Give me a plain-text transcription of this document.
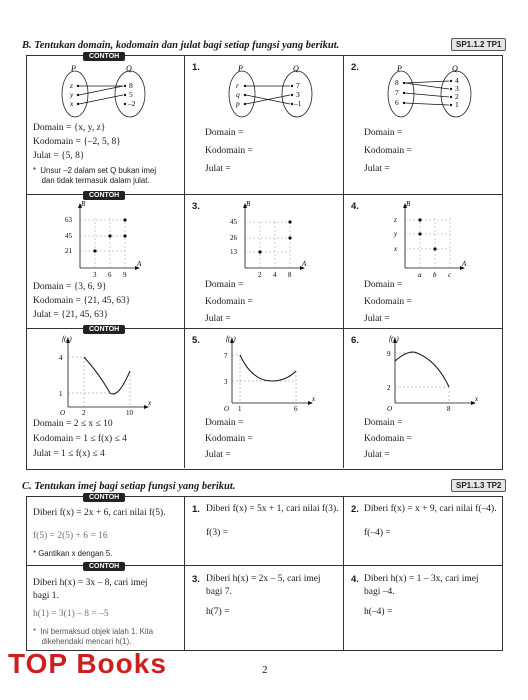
B. Tentukan domain, kodomain dan julat bagi setiap fungsi yang berikut.	SP1.1.2 TP1
CONTOH
CONTOH
CONTOH
P	Q
z
y
x
8
5
–2
Domain = {x, y, z}
Kodomain = {–2, 5, 8}
Julat = {5, 8}
*  Unsur –2 dalam set Q bukan imej
dan tidak termasuk dalam julat.
1.	P	Q
r
q
p
7
3
–1
Domain =
Kodomain =
Julat =
2.	P	Q
8
7
6
4
3
2
1
Domain =
Kodomain =
Julat =
B
A
63
45
21
3 6 9
Domain = {3, 6, 9}
Kodomain = {21, 45, 63}
Julat = {21, 45, 63}
3.	B
A
45
26
13
2 4 8
Domain =
Kodomain =
Julat =
4.	B
A
z
y
x
a b c
Domain =
Kodomain =
Julat =
f(x)
x
O
4
1
2	10
Domain = 2 ≤ x ≤ 10
Kodomain = 1 ≤ f(x) ≤ 4
Julat = 1 ≤ f(x) ≤ 4
5.	f(x)
x
O
7
3
1	6
Domain =
Kodomain =
Julat =
6.	f(x)
x
O
9
2
8
Domain =
Kodomain =
Julat =
C. Tentukan imej bagi setiap fungsi yang berikut.	SP1.1.3 TP2
CONTOH
CONTOH
Diberi f(x) = 2x + 6, cari nilai f(5).
f(5) = 2(5) + 6 = 16
* Gantikan x dengan 5.
1. Diberi f(x) = 5x + 1, cari nilai f(3).
f(3) =
2. Diberi f(x) = x + 9, cari nilai f(–4).
f(–4) =
Diberi h(x) = 3x – 8, cari imej
bagi 1.
h(1) = 3(1) – 8 = –5
*  Ini bermaksud objek ialah 1. Kita
dikehendaki mencari h(1).
3. Diberi h(x) = 2x – 5, cari imej
bagi 7.
h(7) =
4. Diberi h(x) = 1 – 3x, cari imej
bagi –4.
h(–4) =
2
TOP Books
